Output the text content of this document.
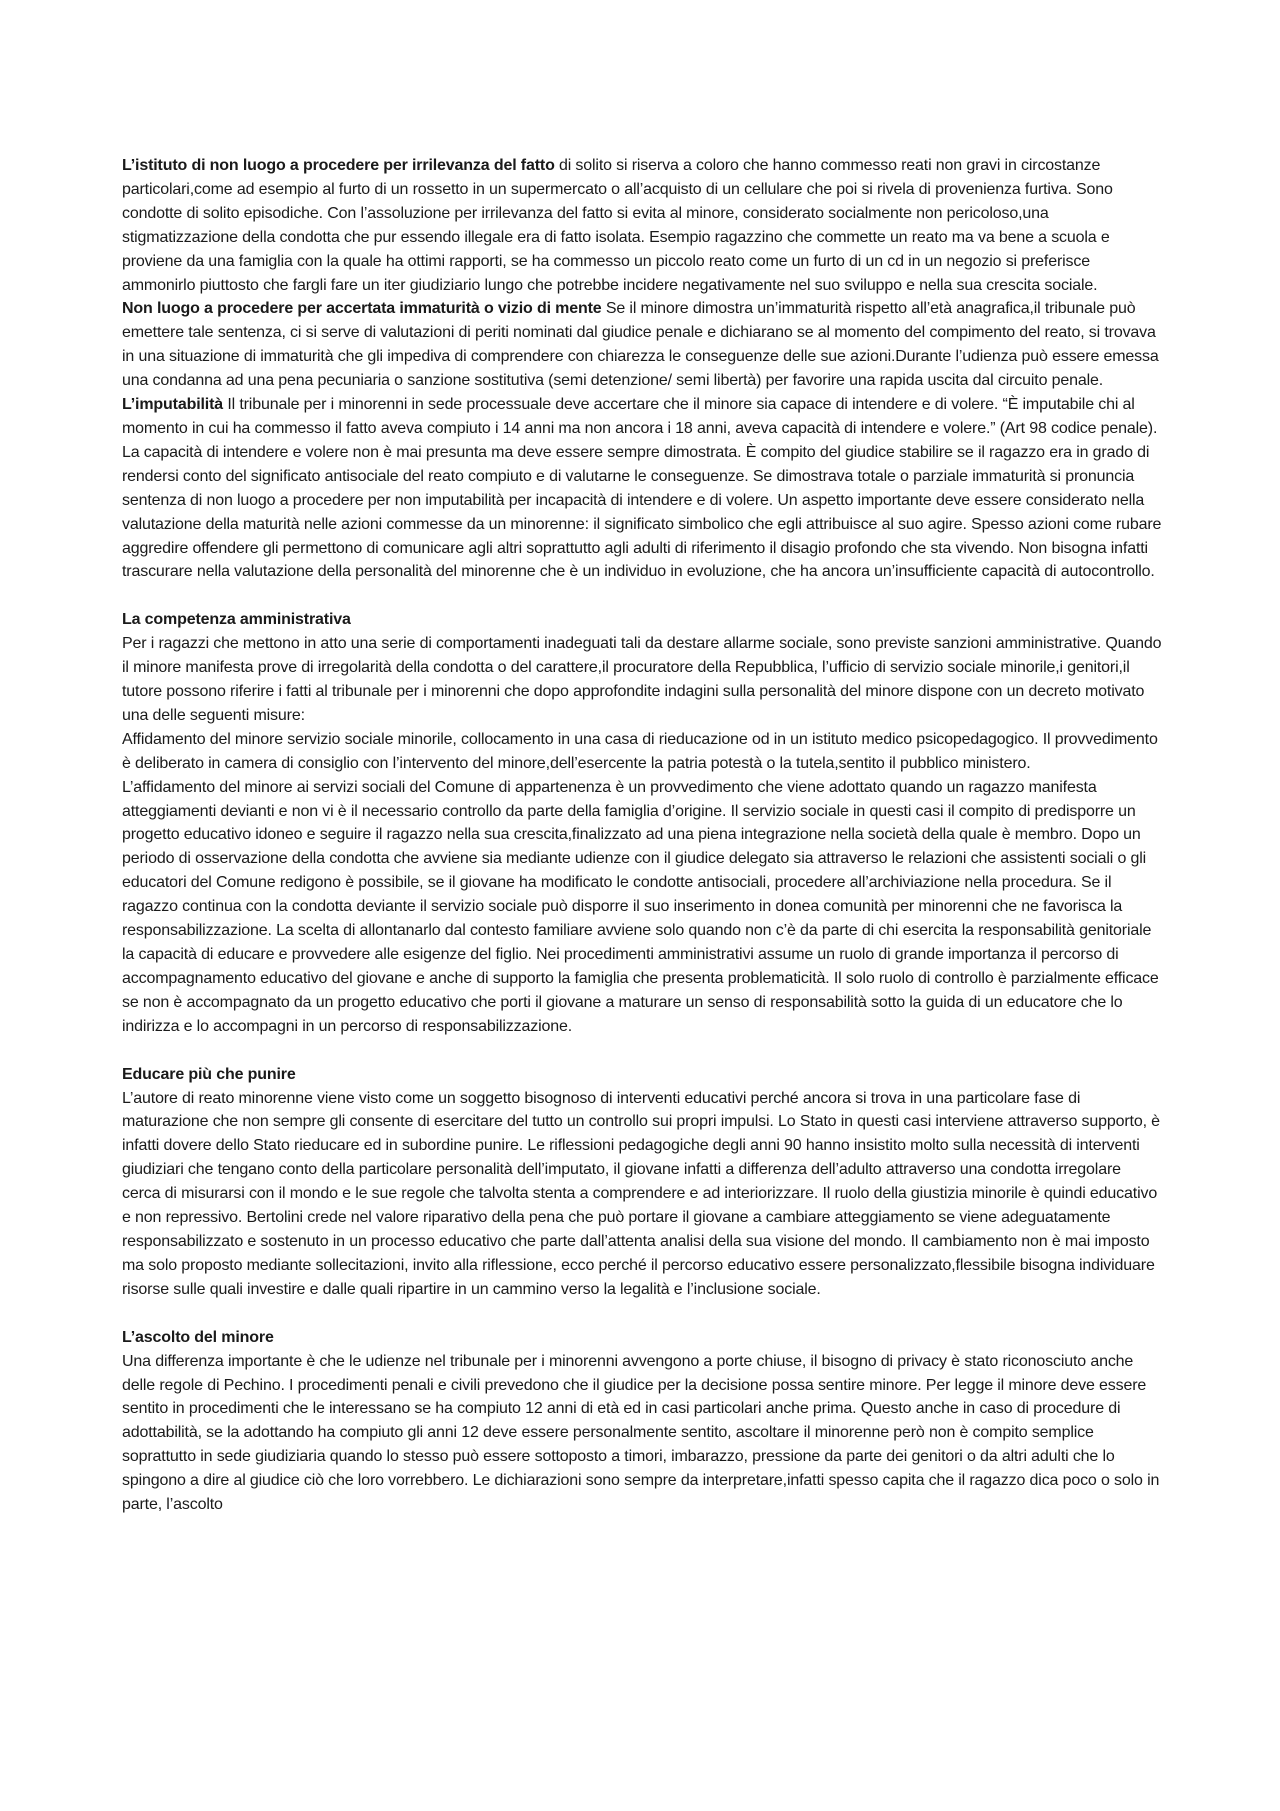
L’istituto di non luogo a procedere per irrilevanza del fatto di solito si riserva a coloro che hanno commesso reati non gravi in circostanze particolari,come ad esempio al furto di un rossetto in un supermercato o all’acquisto di un cellulare che poi si rivela di provenienza furtiva. Sono condotte di solito episodiche. Con l’assoluzione per irrilevanza del fatto si evita al minore, considerato socialmente non pericoloso,una stigmatizzazione della condotta che pur essendo illegale era di fatto isolata. Esempio ragazzino che commette un reato ma va bene a scuola e proviene da una famiglia con la quale ha ottimi rapporti, se ha commesso un piccolo reato come un furto di un cd in un negozio si preferisce ammonirlo piuttosto che fargli fare un iter giudiziario lungo che potrebbe incidere negativamente nel suo sviluppo e nella sua crescita sociale.

Non luogo a procedere per accertata immaturità o vizio di mente Se il minore dimostra un’immaturità rispetto all’età anagrafica,il tribunale può emettere tale sentenza, ci si serve di valutazioni di periti nominati dal giudice penale e dichiarano se al momento del compimento del reato, si trovava in una situazione di immaturità che gli impediva di comprendere con chiarezza le conseguenze delle sue azioni.Durante l’udienza può essere emessa una condanna ad una pena pecuniaria o sanzione sostitutiva (semi detenzione/ semi libertà) per favorire una rapida uscita dal circuito penale.

L’imputabilità Il tribunale per i minorenni in sede processuale deve accertare che il minore sia capace di intendere e di volere. “È imputabile chi al momento in cui ha commesso il fatto aveva compiuto i 14 anni ma non ancora i 18 anni, aveva capacità di intendere e volere.” (Art 98 codice penale). La capacità di intendere e volere non è mai presunta ma deve essere sempre dimostrata. È compito del giudice stabilire se il ragazzo era in grado di rendersi conto del significato antisociale del reato compiuto e di valutarne le conseguenze. Se dimostrava totale o parziale immaturità si pronuncia sentenza di non luogo a procedere per non imputabilità per incapacità di intendere e di volere. Un aspetto importante deve essere considerato nella valutazione della maturità nelle azioni commesse da un minorenne: il significato simbolico che egli attribuisce al suo agire. Spesso azioni come rubare aggredire offendere gli permettono di comunicare agli altri soprattutto agli adulti di riferimento il disagio profondo che sta vivendo. Non bisogna infatti trascurare nella valutazione della personalità del minorenne che è un individuo in evoluzione, che ha ancora un’insufficiente capacità di autocontrollo.

La competenza amministrativa

Per i ragazzi che mettono in atto una serie di comportamenti inadeguati tali da destare allarme sociale, sono previste sanzioni amministrative. Quando il minore manifesta prove di irregolarità della condotta o del carattere,il procuratore della Repubblica, l’ufficio di servizio sociale minorile,i genitori,il tutore possono riferire i fatti al tribunale per i minorenni che dopo approfondite indagini sulla personalità del minore dispone con un decreto motivato una delle seguenti misure:

Affidamento del minore servizio sociale minorile, collocamento in una casa di rieducazione od in un istituto medico psicopedagogico. Il provvedimento è deliberato in camera di consiglio con l’intervento del minore,dell’esercente la patria potestà o la tutela,sentito il pubblico ministero.

L’affidamento del minore ai servizi sociali del Comune di appartenenza è un provvedimento che viene adottato quando un ragazzo manifesta atteggiamenti devianti e non vi è il necessario controllo da parte della famiglia d’origine. Il servizio sociale in questi casi il compito di predisporre un progetto educativo idoneo e seguire il ragazzo nella sua crescita,finalizzato ad una piena integrazione nella società della quale è membro. Dopo un periodo di osservazione della condotta che avviene sia mediante udienze con il giudice delegato sia attraverso le relazioni che assistenti sociali o gli educatori del Comune redigono è possibile, se il giovane ha modificato le condotte antisociali, procedere all’archiviazione nella procedura. Se il ragazzo continua con la condotta deviante il servizio sociale può disporre il suo inserimento in donea comunità per minorenni che ne favorisca la responsabilizzazione. La scelta di allontanarlo dal contesto familiare avviene solo quando non c’è da parte di chi esercita la responsabilità genitoriale la capacità di educare e provvedere alle esigenze del figlio. Nei procedimenti amministrativi assume un ruolo di grande importanza il percorso di accompagnamento educativo del giovane e anche di supporto la famiglia che presenta problematicità. Il solo ruolo di controllo è parzialmente efficace se non è accompagnato da un progetto educativo che porti il giovane a maturare un senso di responsabilità sotto la guida di un educatore che lo indirizza e lo accompagni in un percorso di responsabilizzazione.

Educare più che punire

L’autore di reato minorenne viene visto come un soggetto bisognoso di interventi educativi perché ancora si trova in una particolare fase di maturazione che non sempre gli consente di esercitare del tutto un controllo sui propri impulsi. Lo Stato in questi casi interviene attraverso supporto, è infatti dovere dello Stato rieducare ed in subordine punire. Le riflessioni pedagogiche degli anni 90 hanno insistito molto sulla necessità di interventi giudiziari che tengano conto della particolare personalità dell’imputato, il giovane infatti a differenza dell’adulto attraverso una condotta irregolare cerca di misurarsi con il mondo e le sue regole che talvolta stenta a comprendere e ad interiorizzare. Il ruolo della giustizia minorile è quindi educativo e non repressivo. Bertolini crede nel valore riparativo della pena che può portare il giovane a cambiare atteggiamento se viene adeguatamente responsabilizzato e sostenuto in un processo educativo che parte dall’attenta analisi della sua visione del mondo. Il cambiamento non è mai imposto ma solo proposto mediante sollecitazioni, invito alla riflessione, ecco perché il percorso educativo essere personalizzato,flessibile bisogna individuare risorse sulle quali investire e dalle quali ripartire in un cammino verso la legalità e l’inclusione sociale.

L’ascolto del minore

Una differenza importante è che le udienze nel tribunale per i minorenni avvengono a porte chiuse, il bisogno di privacy è stato riconosciuto anche delle regole di Pechino. I procedimenti penali e civili prevedono che il giudice per la decisione possa sentire minore. Per legge il minore deve essere sentito in procedimenti che le interessano se ha compiuto 12 anni di età ed in casi particolari anche prima. Questo anche in caso di procedure di adottabilità, se la adottando ha compiuto gli anni 12 deve essere personalmente sentito, ascoltare il minorenne però non è compito semplice soprattutto in sede giudiziaria quando lo stesso può essere sottoposto a timori, imbarazzo, pressione da parte dei genitori o da altri adulti che lo spingono a dire al giudice ciò che loro vorrebbero. Le dichiarazioni sono sempre da interpretare,infatti spesso capita che il ragazzo dica poco o solo in parte, l’ascolto
